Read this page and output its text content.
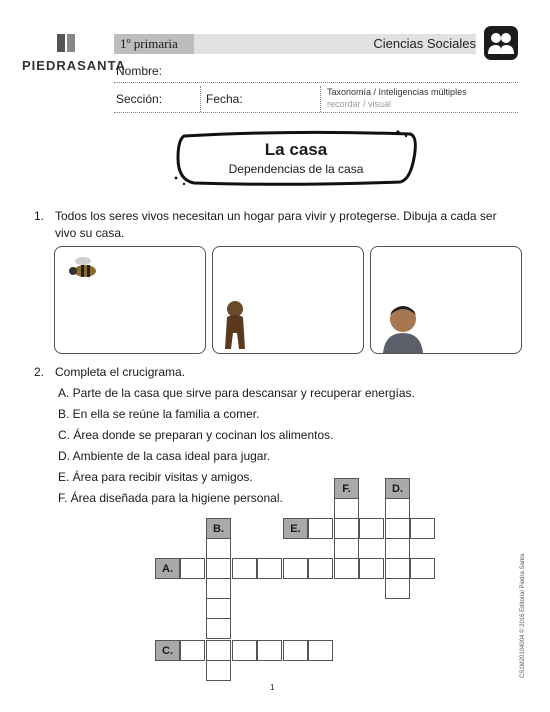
PIEDRASANTA
1º primaria	Ciencias Sociales
Nombre:
Sección:	Fecha:	Taxonomía / Inteligencias múltiples
recordar / visual
La casa
Dependencias de la casa
1. Todos los seres vivos necesitan un hogar para vivir y protegerse. Dibuja a cada ser vivo su casa.
2. Completa el crucigrama.
A. Parte de la casa que sirve para descansar y recuperar energías.
B. En ella se reúne la familia a comer.
C. Área donde se preparan y cocinan los alimentos.
D. Ambiente de la casa ideal para jugar.
E. Área para recibir visitas y amigos.
F. Área diseñada para la higiene personal.
F.	D.
B.	E.
A.
C.
1
CS1M20104004 © 2016 Editorial Piedra Santa
